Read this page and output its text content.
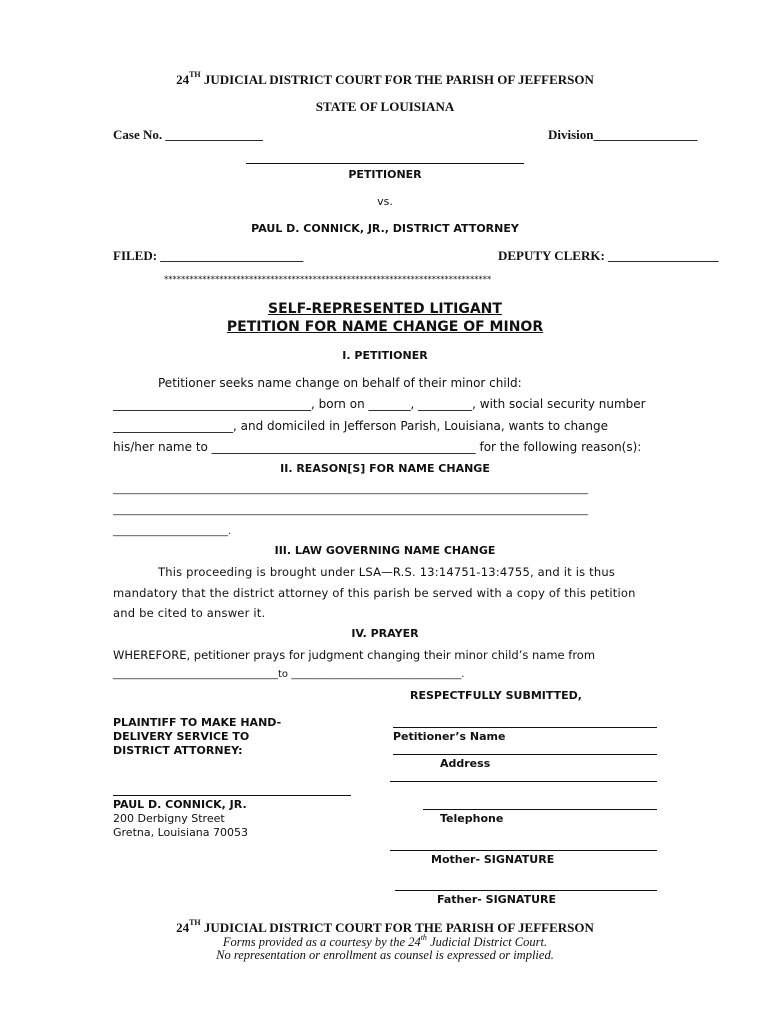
24TH JUDICIAL DISTRICT COURT FOR THE PARISH OF JEFFERSON
STATE OF LOUISIANA
Case No. _______________	Division________________
PETITIONER
vs.
PAUL D. CONNICK, JR., DISTRICT ATTORNEY
FILED: ______________________	DEPUTY CLERK: _________________
*****************************************************************************
SELF-REPRESENTED LITIGANT
PETITION FOR NAME CHANGE OF MINOR
I. PETITIONER
Petitioner seeks name change on behalf of their minor child:
_________________________________, born on _______, _________, with social security number
____________________, and domiciled in Jefferson Parish, Louisiana, wants to change
his/her name to ____________________________________________ for the following reason(s):
II. REASON[S] FOR NAME CHANGE
_______________________________________________________________________________________________
_______________________________________________________________________________________________
_______________________.
III. LAW GOVERNING NAME CHANGE
This proceeding is brought under LSA—R.S. 13:14751-13:4755, and it is thus
mandatory that the district attorney of this parish be served with a copy of this petition
and be cited to answer it.
IV. PRAYER
WHEREFORE, petitioner prays for judgment changing their minor child’s name from
_________________________________to __________________________________.
RESPECTFULLY SUBMITTED,
PLAINTIFF TO MAKE HAND-
DELIVERY SERVICE TO
DISTRICT ATTORNEY:
Petitioner’s Name
Address
PAUL D. CONNICK, JR.
200 Derbigny Street
Gretna, Louisiana 70053
Telephone
Mother- SIGNATURE
Father- SIGNATURE
24TH JUDICIAL DISTRICT COURT FOR THE PARISH OF JEFFERSON
Forms provided as a courtesy by the 24th Judicial District Court.
No representation or enrollment as counsel is expressed or implied.
